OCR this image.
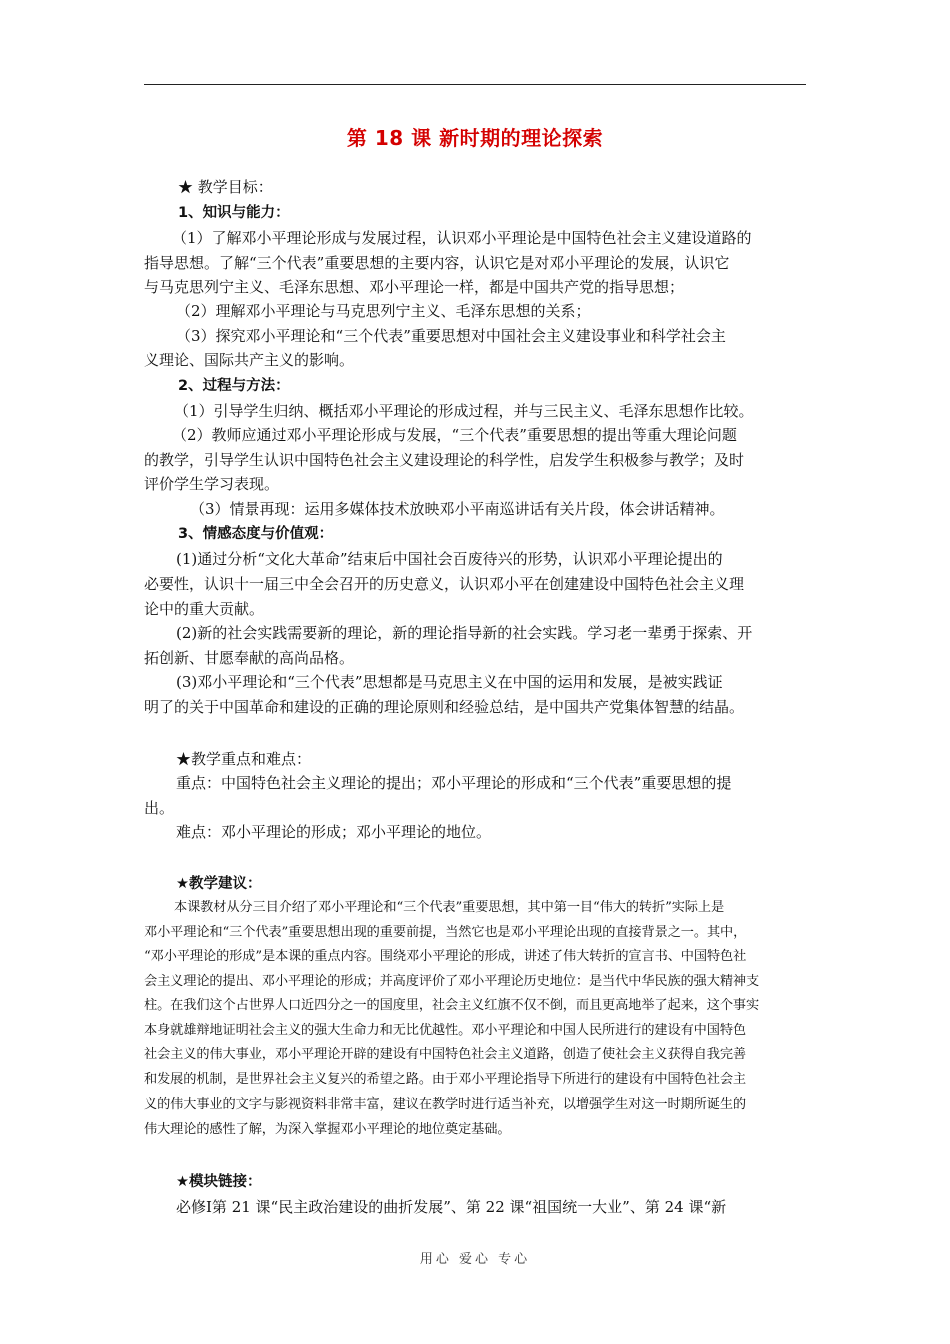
第 18 课 新时期的理论探索
★ 教学目标：
1、知识与能力：
（1）了解邓小平理论形成与发展过程，认识邓小平理论是中国特色社会主义建设道路的
指导思想。了解“三个代表”重要思想的主要内容，认识它是对邓小平理论的发展，认识它
与马克思列宁主义、毛泽东思想、邓小平理论一样，都是中国共产党的指导思想；
（2）理解邓小平理论与马克思列宁主义、毛泽东思想的关系；
（3）探究邓小平理论和“三个代表”重要思想对中国社会主义建设事业和科学社会主
义理论、国际共产主义的影响。
2、过程与方法：
（1）引导学生归纳、概括邓小平理论的形成过程，并与三民主义、毛泽东思想作比较。
（2）教师应通过邓小平理论形成与发展，“三个代表”重要思想的提出等重大理论问题
的教学，引导学生认识中国特色社会主义建设理论的科学性，启发学生积极参与教学；及时
评价学生学习表现。
（3）情景再现：运用多媒体技术放映邓小平南巡讲话有关片段，体会讲话精神。
3、情感态度与价值观：
(1)通过分析“文化大革命”结束后中国社会百废待兴的形势，认识邓小平理论提出的
必要性，认识十一届三中全会召开的历史意义，认识邓小平在创建建设中国特色社会主义理
论中的重大贡献。
(2)新的社会实践需要新的理论，新的理论指导新的社会实践。学习老一辈勇于探索、开
拓创新、甘愿奉献的高尚品格。
(3)邓小平理论和“三个代表”思想都是马克思主义在中国的运用和发展，是被实践证
明了的关于中国革命和建设的正确的理论原则和经验总结，是中国共产党集体智慧的结晶。
★教学重点和难点：
重点：中国特色社会主义理论的提出；邓小平理论的形成和“三个代表”重要思想的提
出。
难点：邓小平理论的形成；邓小平理论的地位。
★教学建议：
本课教材从分三目介绍了邓小平理论和“三个代表”重要思想，其中第一目“伟大的转折”实际上是
邓小平理论和“三个代表”重要思想出现的重要前提，当然它也是邓小平理论出现的直接背景之一。其中，
“邓小平理论的形成”是本课的重点内容。围绕邓小平理论的形成，讲述了伟大转折的宣言书、中国特色社
会主义理论的提出、邓小平理论的形成；并高度评价了邓小平理论历史地位：是当代中华民族的强大精神支
柱。在我们这个占世界人口近四分之一的国度里，社会主义红旗不仅不倒，而且更高地举了起来，这个事实
本身就雄辩地证明社会主义的强大生命力和无比优越性。邓小平理论和中国人民所进行的建设有中国特色
社会主义的伟大事业，邓小平理论开辟的建设有中国特色社会主义道路，创造了使社会主义获得自我完善
和发展的机制，是世界社会主义复兴的希望之路。由于邓小平理论指导下所进行的建设有中国特色社会主
义的伟大事业的文字与影视资料非常丰富，建议在教学时进行适当补充，以增强学生对这一时期所诞生的
伟大理论的感性了解，为深入掌握邓小平理论的地位奠定基础。
★模块链接：
必修Ⅰ第 21 课“民主政治建设的曲折发展”、第 22 课“祖国统一大业”、第 24 课“新
用心 爱心 专心
